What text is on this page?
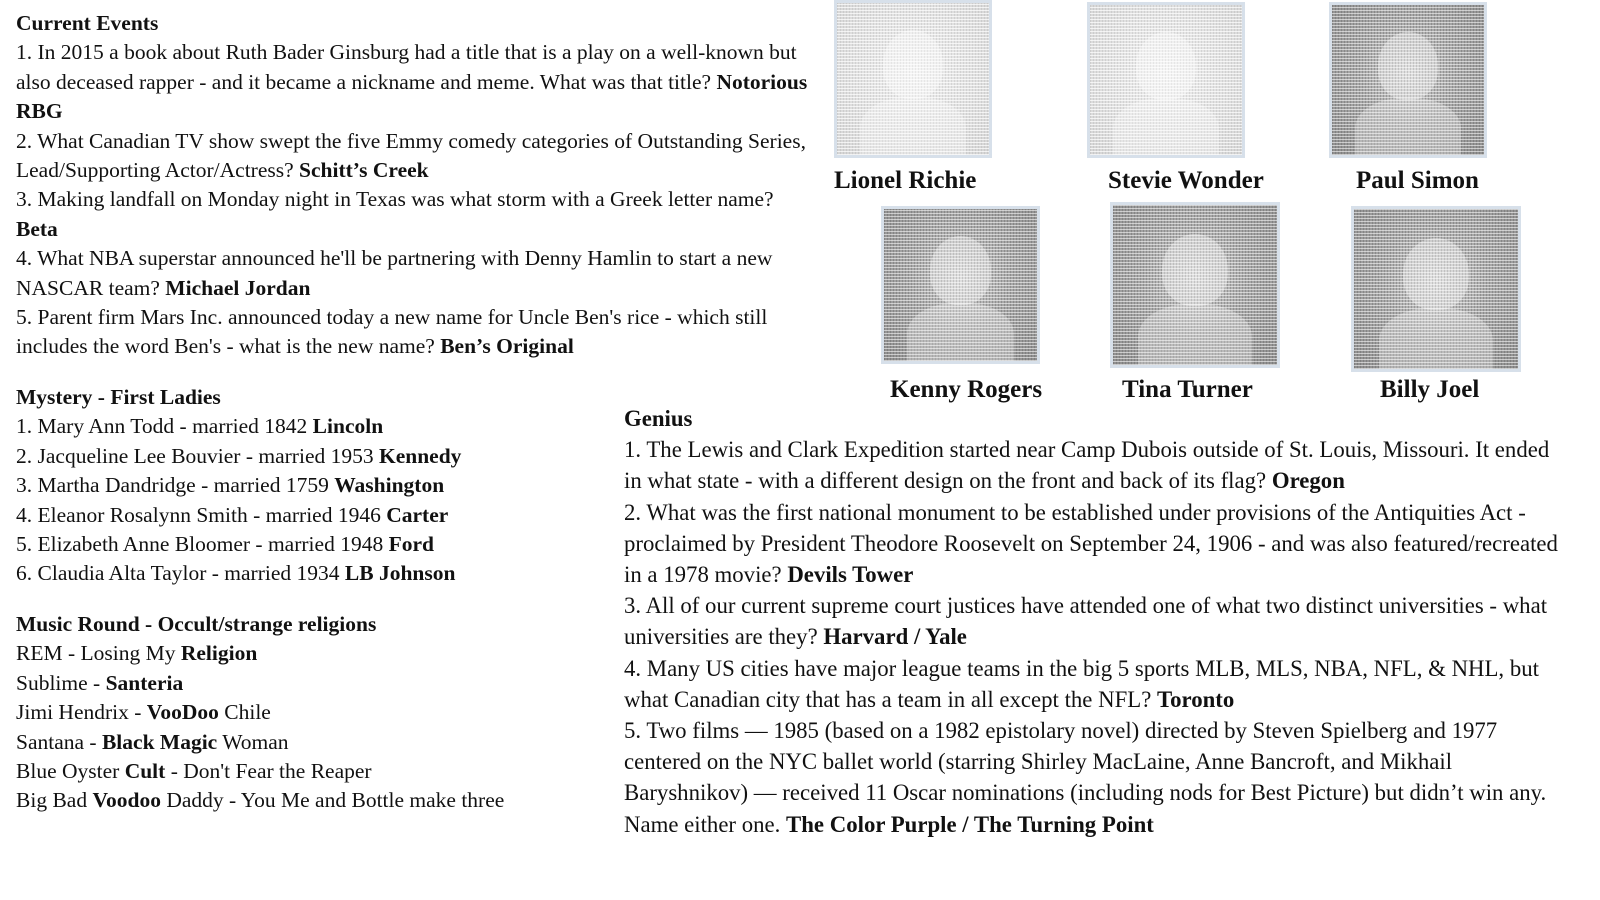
Current Events
1. In 2015 a book about Ruth Bader Ginsburg had a title that is a play on a well-known but also deceased rapper - and it became a nickname and meme. What was that title? Notorious RBG
2. What Canadian TV show swept the five Emmy comedy categories of Outstanding Series, Lead/Supporting Actor/Actress? Schitt’s Creek
3. Making landfall on Monday night in Texas was what storm with a Greek letter name? Beta
4. What NBA superstar announced he'll be partnering with Denny Hamlin to start a new NASCAR team? Michael Jordan
5. Parent firm Mars Inc. announced today a new name for Uncle Ben's rice - which still includes the word Ben's - what is the new name? Ben’s Original
Mystery - First Ladies
1. Mary Ann Todd - married 1842 Lincoln
2. Jacqueline Lee Bouvier - married 1953 Kennedy
3. Martha Dandridge - married 1759 Washington
4. Eleanor Rosalynn Smith - married 1946 Carter
5. Elizabeth Anne Bloomer - married 1948 Ford
6. Claudia Alta Taylor - married 1934 LB Johnson
Music Round - Occult/strange religions
REM - Losing My Religion
Sublime - Santeria
Jimi Hendrix - VooDoo Chile
Santana - Black Magic Woman
Blue Oyster Cult - Don't Fear the Reaper
Big Bad Voodoo Daddy - You Me and Bottle make three
Genius
1. The Lewis and Clark Expedition started near Camp Dubois outside of St. Louis, Missouri. It ended in what state - with a different design on the front and back of its flag? Oregon
2. What was the first national monument to be established under provisions of the Antiquities Act - proclaimed by President Theodore Roosevelt on September 24, 1906 - and was also featured/recreated in a 1978 movie? Devils Tower
3. All of our current supreme court justices have attended one of what two distinct universities - what universities are they? Harvard / Yale
4. Many US cities have major league teams in the big 5 sports MLB, MLS, NBA, NFL, & NHL, but what Canadian city that has a team in all except the NFL? Toronto
5. Two films — 1985 (based on a 1982 epistolary novel) directed by Steven Spielberg and 1977 centered on the NYC ballet world (starring Shirley MacLaine, Anne Bancroft, and Mikhail Baryshnikov) — received 11 Oscar nominations (including nods for Best Picture) but didn’t win any. Name either one. The Color Purple / The Turning Point
Lionel Richie	Stevie Wonder	Paul Simon
Kenny Rogers	Tina Turner	Billy Joel
